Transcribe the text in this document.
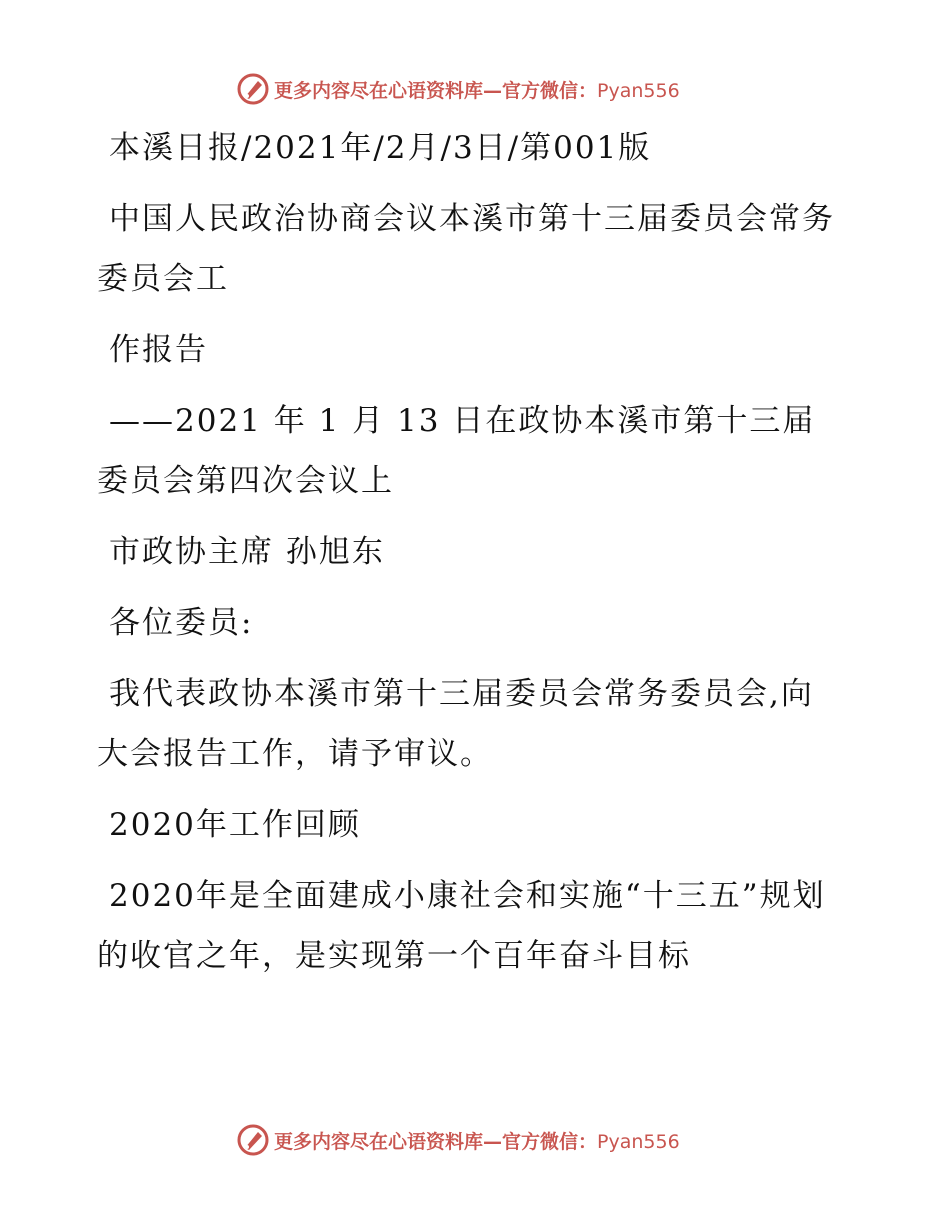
更多内容尽在心语资料库—官方微信：Pyan556

本溪日报/2021年/2月/3日/第001版

中国人民政治协商会议本溪市第十三届委员会常务委员会工

作报告

——2021 年 1 月 13 日在政协本溪市第十三届委员会第四次会议上

市政协主席 孙旭东

各位委员:

我代表政协本溪市第十三届委员会常务委员会,向大会报告工作，请予审议。

2020年工作回顾

2020年是全面建成小康社会和实施“十三五”规划的收官之年，是实现第一个百年奋斗目标

更多内容尽在心语资料库—官方微信：Pyan556
